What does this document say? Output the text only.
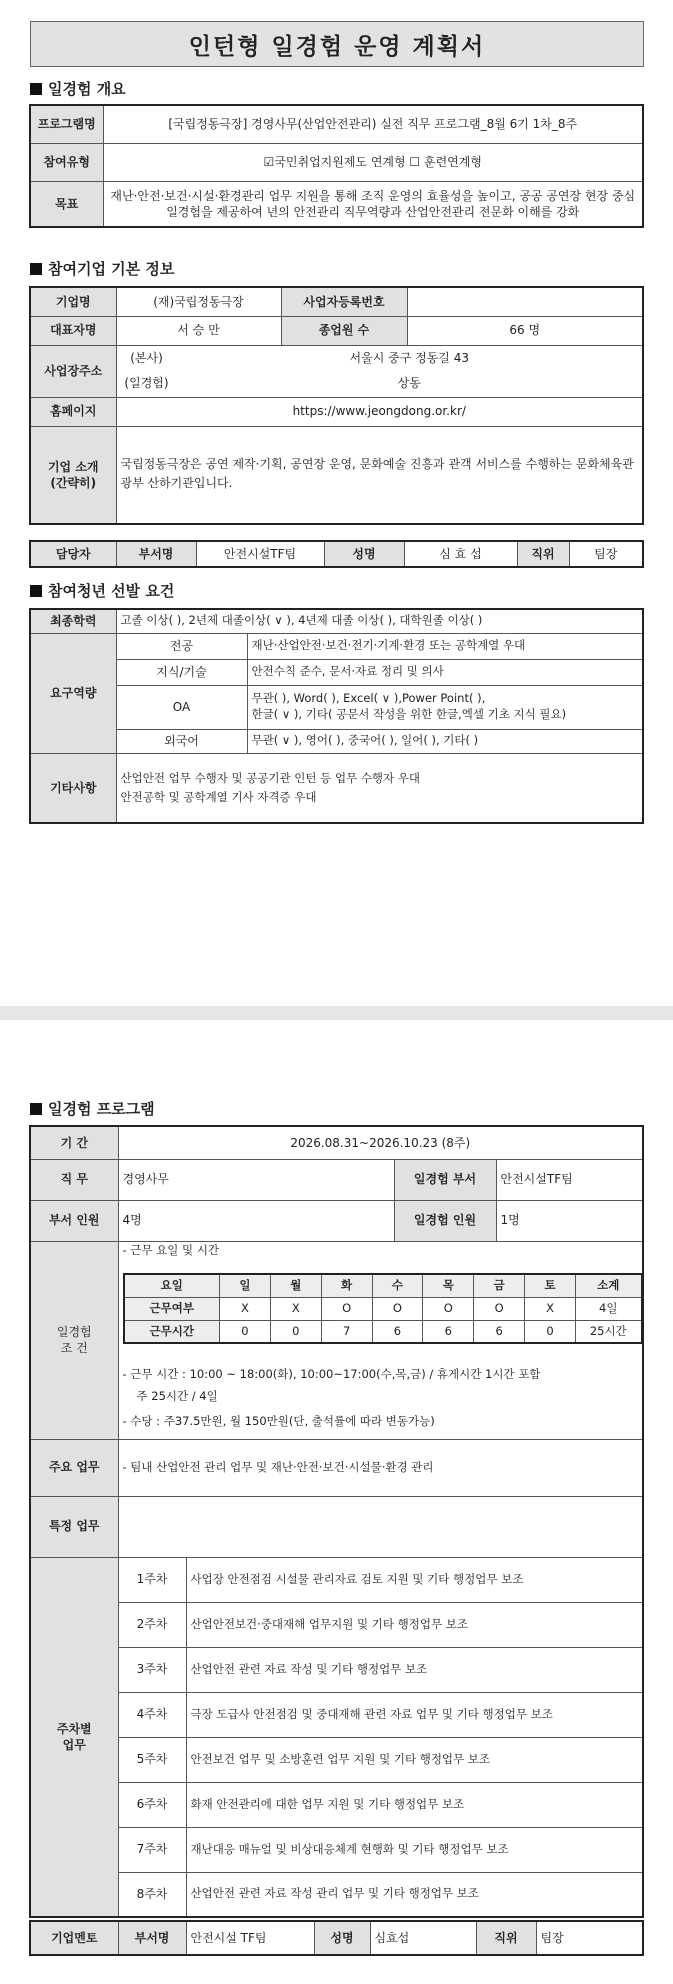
인턴형 일경험 운영 계획서
일경험 개요
프로그램명	[국립정동극장] 경영사무(산업안전관리) 실전 직무 프로그램_8월 6기 1차_8주
참여유형	☑국민취업지원제도 연계형 ☐ 훈련연계형
목표	재난·안전·보건·시설·환경관리 업무 지원을 통해 조직 운영의 효율성을 높이고, 공공 공연장 현장 중심 일경험을 제공하여 년의 안전관리 직무역량과 산업안전관리 전문화 이해를 강화
참여기업 기본 정보
기업명	(재)국립정동극장	사업자등록번호	
대표자명	서 승 만	종업원 수	66 명
사업장주소	(본사) 서울시 중구 정동길 43
(일경험) 상동		

홈페이지	https://www.jeongdong.or.kr/		

기업 소개
(간략히)	국립정동극장은 공연 제작·기획, 공연장 운영, 문화예술 진흥과 관객 서비스를 수행하는 문화체육관광부 산하기관입니다.		
담당자	부서명	안전시설TF팀	성명	심 효 섭	직위	팀장
참여청년 선발 요건
최종학력	고졸 이상( ), 2년제 대졸이상( ∨ ), 4년제 대졸 이상( ), 대학원졸 이상( )	
요구역량	전공	재난·산업안전·보건·전기·기계·환경 또는 공학계열 우대
	지식/기술	안전수칙 준수, 문서·자료 정리 및 의사
	OA	무관( ), Word( ), Excel( ∨ ),Power Point( ),
한글( ∨ ), 기타( 공문서 작성을 위한 한글,엑셀 기초 지식 필요)

	외국어	무관( ∨ ), 영어( ), 중국어( ), 일어( ), 기타( )
기타사항	산업안전 업무 수행자 및 공공기관 인턴 등 업무 수행자 우대
안전공학 및 공학계열 기사 자격증 우대	
일경험 프로그램
기 간	2026.08.31~2026.10.23 (8주)
직 무	경영사무	일경험 부서	안전시설TF팀
부서 인원	4명	일경험 인원	1명

일경험
조 건

- 근무 요일 및 시간
요일	일	월	화	수	목	금	토	소계
근무여부	X	X	O	O	O	O	X	4일
근무시간	0	0	7	6	6	6	0	25시간
- 근무 시간 : 10:00 ~ 18:00(화), 10:00~17:00(수,목,금) / 휴게시간 1시간 포함
주 25시간 / 4일
- 수당 : 주37.5만원, 월 150만원(단, 출석률에 따라 변동가능)

주요 업무	- 팀내 산업안전 관리 업무 및 재난·안전·보건·시설물·환경 관리
특정 업무	

주차별
업무
	1주차	사업장 안전점검 시설물 관리자료 검토 지원 및 기타 행정업무 보조
2주차	산업안전보건·중대재해 업무지원 및 기타 행정업무 보조
3주차	산업안전 관련 자료 작성 및 기타 행정업무 보조
4주차	극장 도급사 안전점검 및 중대재해 관련 자료 업무 및 기타 행정업무 보조
5주차	안전보건 업무 및 소방훈련 업무 지원 및 기타 행정업무 보조
6주차	화재 안전관리에 대한 업무 지원 및 기타 행정업무 보조
7주차	재난대응 매뉴얼 및 비상대응체계 현행화 및 기타 행정업무 보조
8주차	산업안전 관련 자료 작성 관리 업무 및 기타 행정업무 보조
기업멘토	부서명	안전시설 TF팀	성명	심효섭	직위	팀장
